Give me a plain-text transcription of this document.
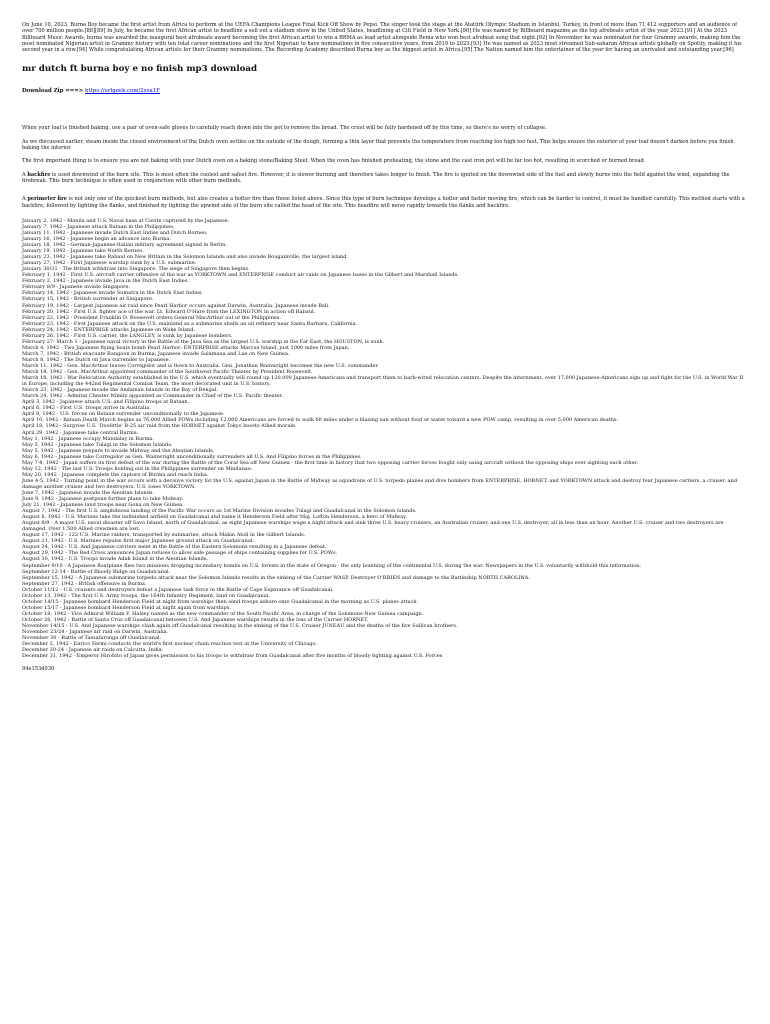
On June 10, 2023, Burna Boy became the first artist from Africa to perform at the UEFA Champions League Final Kick Off Show by Pepsi. The singer took the stage at the Atatürk Olympic Stadium in Istanbul, Turkey, in front of more than 71,412 supporters and an audience of over 700 million people.[88][89] In July, he became the first African artist to headline a sell out a stadium show in the United States, headlining at Citi Field in New York.[90] He was named by Billboard magazine as the top afrobeats artist of the year 2023.[91] At the 2023 Billboard Music Awards, burna was awarded the inaugural best afrobeats award becoming the first African artist to win a BBMA as lead artist alongside Rema who won best afrobeat song that night.[92] In November he was nominated for four Grammy awards, making him the most nominated Nigerian artist in Grammy history with ten total career nominations and the first Nigerian to have nominations in five consecutive years, from 2019 to 2023.[93] He was named as 2023 most streamed Sub-saharan African artists globally on Spotify, making it his second year in a row.[94] While congratulating African artists for their Grammy nominations, The Recording Academy described Burna boy as the biggest artist in Africa.[95] The Nation named him the entertainer of the year for having an unrivaled and outstanding year.[96]

mr dutch ft burna boy e no finish mp3 download
Download Zip ===> https://urlgeek.com/2xsa1F

When your loaf is finished baking, use a pair of oven-safe gloves to carefully reach down into the pot to remove the bread. The crust will be fully hardened off by this time, so there's no worry of collapse.

As we discussed earlier, steam inside the closed environment of the Dutch oven settles on the outside of the dough, forming a thin layer that prevents the temperature from reaching too high too fast. This helps ensure the exterior of your loaf doesn't darken before you finish baking the interior.

The first important thing is to ensure you are not baking with your Dutch oven on a baking stone/Baking Steel. When the oven has finished preheating, the stone and the cast iron pot will be far too hot, resulting in scorched or burned bread.

A backfire is used downwind of the burn site. This is most often the coolest and safest fire. However, it is slower burning and therefore takes longer to finish. The fire is ignited on the downwind side of the fuel and slowly burns into the field against the wind, expanding the firebreak. This burn technique is often used in conjunction with other burn methods.

A perimeter fire is not only one of the quickest burn methods, but also creates a hotter fire than those listed above. Since this type of burn technique develops a hotter and faster moving fire, which can be harder to control, it must be handled carefully. This method starts with a backfire, followed by lighting the flanks, and finished by lighting the upwind side of the burn site called the head of the site. This headfire will move rapidly towards the flanks and backfire.

January 2, 1942 - Manila and U.S. Naval base at Cavite captured by the Japanese.
January 7, 1942 - Japanese attack Bataan in the Philippines.
January 11, 1942 - Japanese invade Dutch East Indies and Dutch Borneo.
January 16, 1942 - Japanese begin an advance into Burma.
January 18, 1942 - German-Japanese-Italian military agreement signed in Berlin.
January 19, 1942 - Japanese take North Borneo.
January 23, 1942 - Japanese take Rabaul on New Britain in the Solomon Islands and also invade Bougainville, the largest island.
January 27, 1942 - First Japanese warship sunk by a U.S. submarine.
January 30/31 - The British withdraw into Singapore. The siege of Singapore then begins.
February 1, 1942 - First U.S. aircraft carrier offensive of the war as YORKTOWN and ENTERPRISE conduct air raids on Japanese bases in the Gilbert and Marshall Islands.
February 2, 1942 - Japanese invade Java in the Dutch East Indies.
February 8/9 - Japanese invade Singapore.
February 14, 1942 - Japanese invade Sumatra in the Dutch East Indies.
February 15, 1942 - British surrender at Singapore.
February 19, 1942 - Largest Japanese air raid since Pearl Harbor occurs against Darwin, Australia; Japanese invade Bali.
February 20, 1942 - First U.S. fighter ace of the war, Lt. Edward O'Hare from the LEXINGTON in action off Rabaul.
February 22, 1942 - President Franklin D. Roosevelt orders General MacArthur out of the Philippines.
February 23, 1942 - First Japanese attack on the U.S. mainland as a submarine shells an oil refinery near Santa Barbara, California.
February 24, 1942 - ENTERPRISE attacks Japanese on Wake Island.
February 26, 1942 - First U.S. carrier, the LANGLEY, is sunk by Japanese bombers.
February 27- March 1 - Japanese naval victory in the Battle of the Java Sea as the largest U.S. warship in the Far East, the HOUSTON, is sunk.
March 4, 1942 - Two Japanese flying boats bomb Pearl Harbor; ENTERPRISE attacks Marcus Island, just 1000 miles from Japan.
March 7, 1942 - British evacuate Rangoon in Burma; Japanese invade Salamaua and Lae on New Guinea.
March 8, 1942 - The Dutch on Java surrender to Japanese.
March 11, 1942 - Gen. MacArthur leaves Corregidor and is flown to Australia. Gen. Jonathan Wainwright becomes the new U.S. commander.
March 18, 1942 - Gen. MacArthur appointed commander of the Southwest Pacific Theater by President Roosevelt.
March 18, 1942 - War Relocation Authority established in the U.S. which eventually will round up 120,000 Japanese-Americans and transport them to barb-wired relocation centers. Despite the internment, over 17,000 Japanese-Americans sign up and fight for the U.S. in World War II in Europe, including the 442nd Regimental Combat Team, the most decorated unit in U.S. history.
March 23, 1942 - Japanese invade the Andaman Islands in the Bay of Bengal.
March 24, 1942 - Admiral Chester Nimitz appointed as Commander in Chief of the U.S. Pacific theater.
April 3, 1942 - Japanese attack U.S. and Filipino troops at Bataan.
April 6, 1942 - First U.S. troops arrive in Australia.
April 9, 1942 - U.S. forces on Bataan surrender unconditionally to the Japanese.
April 10, 1942 - Bataan Death March begins as 76,000 Allied POWs including 12,000 Americans are forced to walk 60 miles under a blazing sun without food or water toward a new POW camp, resulting in over 5,000 American deaths.
April 18, 1942 - Surprise U.S. 'Doolittle' B-25 air raid from the HORNET against Tokyo boosts Allied morale.
April 29, 1942 - Japanese take central Burma.
May 1, 1942 - Japanese occupy Mandalay in Burma.
May 3, 1942 - Japanese take Tulagi in the Solomon Islands.
May 5, 1942 - Japanese prepare to invade Midway and the Aleutian Islands.
May 6, 1942 - Japanese take Corregidor as Gen. Wainwright unconditionally surrenders all U.S. And Filipino forces in the Philippines.
May 7-8, 1942 - Japan suffers its first defeat of the war during the Battle of the Coral Sea off New Guinea - the first time in history that two opposing carrier forces fought only using aircraft without the opposing ships ever sighting each other.
May 12, 1942 - The last U.S. Troops holding out in the Philippines surrender on Mindanao.
May 20, 1942 - Japanese complete the capture of Burma and reach India.
June 4-5, 1942 - Turning point in the war occurs with a decisive victory for the U.S. against Japan in the Battle of Midway as squadrons of U.S. torpedo planes and dive bombers from ENTERPRISE, HORNET, and YORKTOWN attack and destroy four Japanese carriers, a cruiser, and damage another cruiser and two destroyers. U.S. loses YORKTOWN.
June 7, 1942 - Japanese invade the Aleutian Islands.
June 9, 1942 - Japanese postpone further plans to take Midway.
July 21, 1942 - Japanese land troops near Gona on New Guinea.
August 7, 1942 - The first U.S. amphibious landing of the Pacific War occurs as 1st Marine Division invades Tulagi and Guadalcanal in the Solomon Islands.
August 8, 1942 - U.S. Marines take the unfinished airfield on Guadalcanal and name it Henderson Field after Maj. Lofton Henderson, a hero of Midway.
August 8/9 - A major U.S. naval disaster off Savo Island, north of Guadalcanal, as eight Japanese warships wage a night attack and sink three U.S. heavy cruisers, an Australian cruiser, and one U.S. destroyer, all in less than an hour. Another U.S. cruiser and two destroyers are damaged. Over 1,500 Allied crewmen are lost.
August 17, 1942 - 122 U.S. Marine raiders, transported by submarine, attack Makin Atoll in the Gilbert Islands.
August 21, 1942 - U.S. Marines repulse first major Japanese ground attack on Guadalcanal.
August 24, 1942 - U.S. And Japanese carriers meet in the Battle of the Eastern Solomons resulting in a Japanese defeat.
August 29, 1942 - The Red Cross announces Japan refuses to allow safe passage of ships containing supplies for U.S. POWs.
August 30, 1942 - U.S. Troops invade Adak Island in the Aleutian Islands.
September 9/10 - A Japanese floatplane flies two missions dropping incendiary bombs on U.S. forests in the state of Oregon - the only bombing of the continental U.S. during the war. Newspapers in the U.S. voluntarily withhold this information.
September 12-14 - Battle of Bloody Ridge on Guadalcanal.
September 15, 1942 - A Japanese submarine torpedo attack near the Solomon Islands results in the sinking of the Carrier WASP, Destroyer O'BRIEN and damage to the Battleship NORTH CAROLINA.
September 27, 1942 - British offensive in Burma.
October 11/12 - U.S. cruisers and destroyers defeat a Japanese task force in the Battle of Cape Esperance off Guadalcanal.
October 13, 1942 - The first U.S. Army troops, the 164th Infantry Regiment, land on Guadalcanal.
October 14/15 - Japanese bombard Henderson Field at night from warships then send troops ashore onto Guadalcanal in the morning as U.S. planes attack.
October 15/17 - Japanese bombard Henderson Field at night again from warships.
October 18, 1942 - Vice Admiral William F. Halsey named as the new commander of the South Pacific Area, in charge of the Solomons-New Guinea campaign.
October 26, 1942 - Battle of Santa Cruz off Guadalcanal between U.S. And Japanese warships results in the loss of the Carrier HORNET.
November 14/15 - U.S. And Japanese warships clash again off Guadalcanal resulting in the sinking of the U.S. Cruiser JUNEAU and the deaths of the five Sullivan brothers.
November 23/24 - Japanese air raid on Darwin, Australia.
November 30 - Battle of Tassafaronga off Guadalcanal.
December 2, 1942 - Enrico Fermi conducts the world's first nuclear chain reaction test at the University of Chicago.
December 20-24 - Japanese air raids on Calcutta, India.
December 31, 1942 - Emperor Hirohito of Japan gives permission to his troops to withdraw from Guadalcanal after five months of bloody fighting against U.S. Forces

94e153d030
